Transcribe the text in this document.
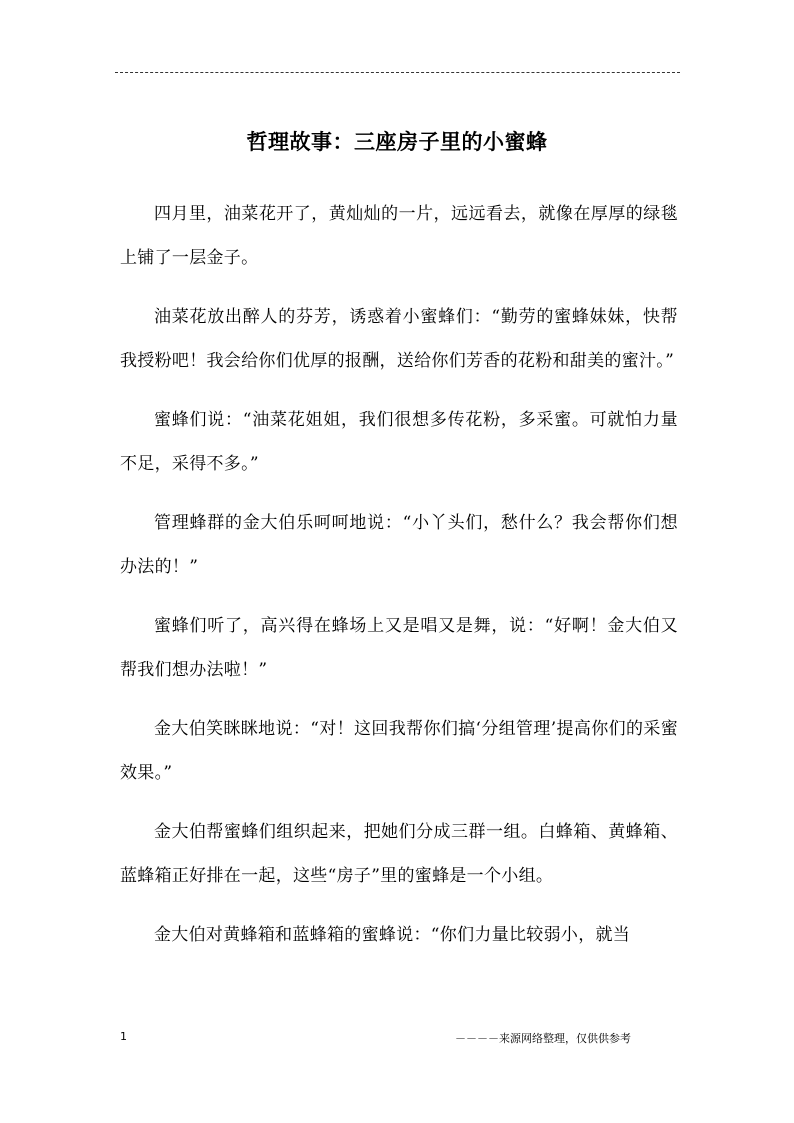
哲理故事：三座房子里的小蜜蜂

四月里，油菜花开了，黄灿灿的一片，远远看去，就像在厚厚的绿毯上铺了一层金子。

油菜花放出醉人的芬芳，诱惑着小蜜蜂们：“勤劳的蜜蜂妹妹，快帮我授粉吧！我会给你们优厚的报酬，送给你们芳香的花粉和甜美的蜜汁。”

蜜蜂们说：“油菜花姐姐，我们很想多传花粉，多采蜜。可就怕力量不足，采得不多。”

管理蜂群的金大伯乐呵呵地说：“小丫头们，愁什么？我会帮你们想办法的！”

蜜蜂们听了，高兴得在蜂场上又是唱又是舞，说：“好啊！金大伯又帮我们想办法啦！”

金大伯笑眯眯地说：“对！这回我帮你们搞‘分组管理’提高你们的采蜜效果。”

金大伯帮蜜蜂们组织起来，把她们分成三群一组。白蜂箱、黄蜂箱、蓝蜂箱正好排在一起，这些“房子”里的蜜蜂是一个小组。

金大伯对黄蜂箱和蓝蜂箱的蜜蜂说：“你们力量比较弱小，就当

1	－－－－来源网络整理，仅供供参考
